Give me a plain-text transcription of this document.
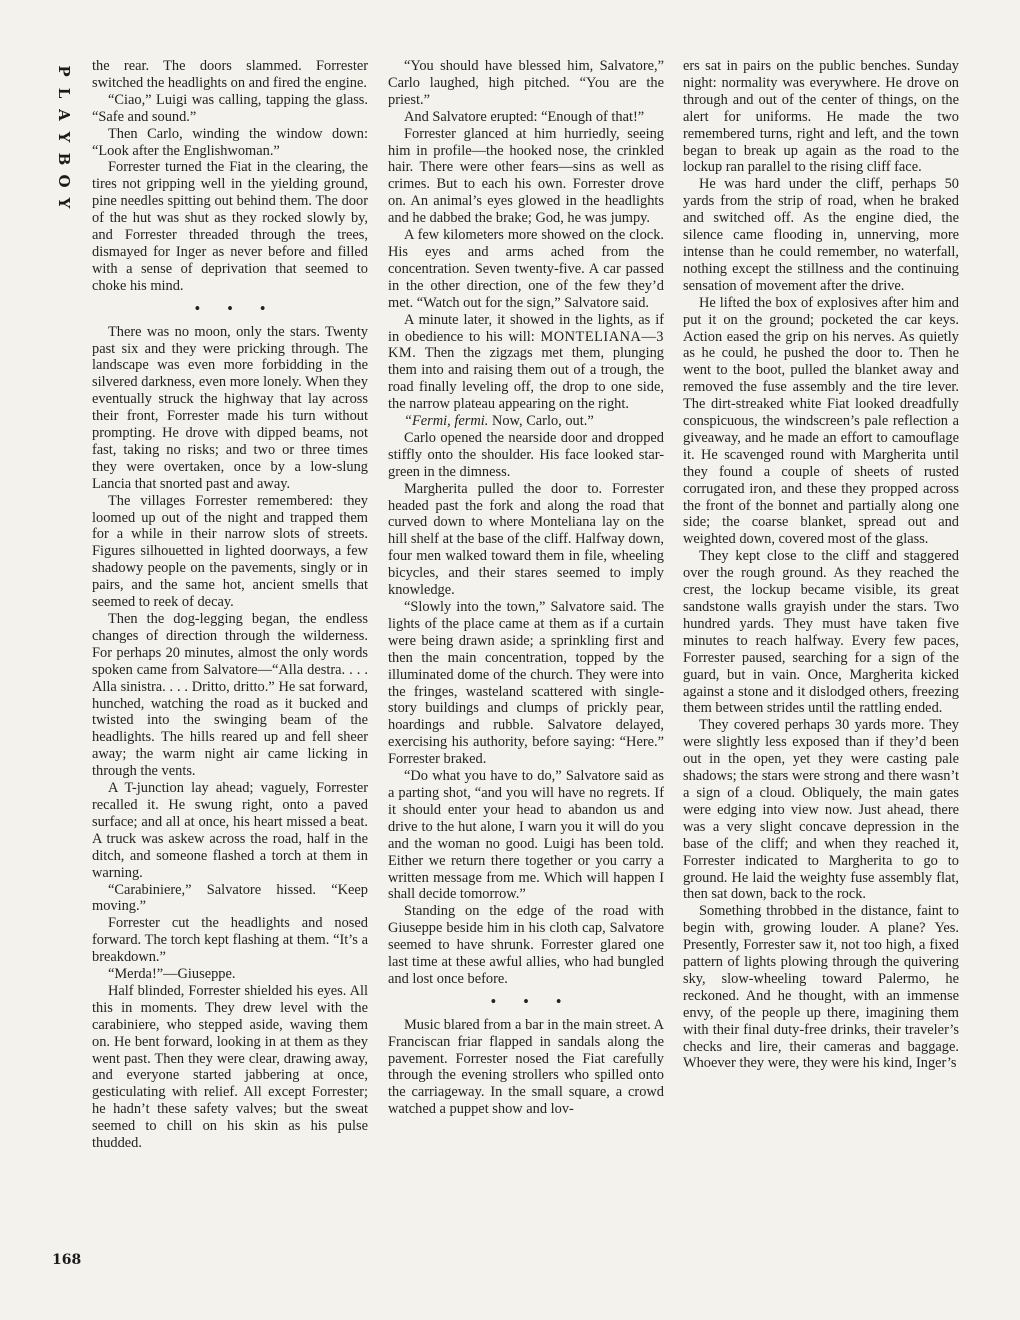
P
L
A
Y
B
O
Y
168

the rear. The doors slammed. Forrester switched the headlights on and fired the engine.

“Ciao,” Luigi was calling, tapping the glass. “Safe and sound.”

Then Carlo, winding the window down: “Look after the Englishwoman.”

Forrester turned the Fiat in the clearing, the tires not gripping well in the yielding ground, pine needles spitting out behind them. The door of the hut was shut as they rocked slowly by, and Forrester threaded through the trees, dismayed for Inger as never before and filled with a sense of deprivation that seemed to choke his mind.

• • •

There was no moon, only the stars. Twenty past six and they were pricking through. The landscape was even more forbidding in the silvered darkness, even more lonely. When they eventually struck the highway that lay across their front, Forrester made his turn without prompting. He drove with dipped beams, not fast, taking no risks; and two or three times they were overtaken, once by a low-slung Lancia that snorted past and away.

The villages Forrester remembered: they loomed up out of the night and trapped them for a while in their narrow slots of streets. Figures silhouetted in lighted doorways, a few shadowy people on the pavements, singly or in pairs, and the same hot, ancient smells that seemed to reek of decay.

Then the dog-legging began, the endless changes of direction through the wilderness. For perhaps 20 minutes, almost the only words spoken came from Salvatore—“Alla destra. . . . Alla sinistra. . . . Dritto, dritto.” He sat forward, hunched, watching the road as it bucked and twisted into the swinging beam of the headlights. The hills reared up and fell sheer away; the warm night air came licking in through the vents.

A T-junction lay ahead; vaguely, Forrester recalled it. He swung right, onto a paved surface; and all at once, his heart missed a beat. A truck was askew across the road, half in the ditch, and someone flashed a torch at them in warning.

“Carabiniere,” Salvatore hissed. “Keep moving.”

Forrester cut the headlights and nosed forward. The torch kept flashing at them. “It’s a breakdown.”

“Merda!”—Giuseppe.

Half blinded, Forrester shielded his eyes. All this in moments. They drew level with the carabiniere, who stepped aside, waving them on. He bent forward, looking in at them as they went past. Then they were clear, drawing away, and everyone started jabbering at once, gesticulating with relief. All except Forrester; he hadn’t these safety valves; but the sweat seemed to chill on his skin as his pulse thudded.

“You should have blessed him, Salvatore,” Carlo laughed, high pitched. “You are the priest.”

And Salvatore erupted: “Enough of that!”

Forrester glanced at him hurriedly, seeing him in profile—the hooked nose, the crinkled hair. There were other fears—sins as well as crimes. But to each his own. Forrester drove on. An animal’s eyes glowed in the headlights and he dabbed the brake; God, he was jumpy.

A few kilometers more showed on the clock. His eyes and arms ached from the concentration. Seven twenty-five. A car passed in the other direction, one of the few they’d met. “Watch out for the sign,” Salvatore said.

A minute later, it showed in the lights, as if in obedience to his will: MONTELIANA—3 KM. Then the zigzags met them, plunging them into and raising them out of a trough, the road finally leveling off, the drop to one side, the narrow plateau appearing on the right.

“Fermi, fermi. Now, Carlo, out.”

Carlo opened the nearside door and dropped stiffly onto the shoulder. His face looked star-green in the dimness.

Margherita pulled the door to. Forrester headed past the fork and along the road that curved down to where Monteliana lay on the hill shelf at the base of the cliff. Halfway down, four men walked toward them in file, wheeling bicycles, and their stares seemed to imply knowledge.

“Slowly into the town,” Salvatore said. The lights of the place came at them as if a curtain were being drawn aside; a sprinkling first and then the main concentration, topped by the illuminated dome of the church. They were into the fringes, wasteland scattered with single-story buildings and clumps of prickly pear, hoardings and rubble. Salvatore delayed, exercising his authority, before saying: “Here.” Forrester braked.

“Do what you have to do,” Salvatore said as a parting shot, “and you will have no regrets. If it should enter your head to abandon us and drive to the hut alone, I warn you it will do you and the woman no good. Luigi has been told. Either we return there together or you carry a written message from me. Which will happen I shall decide tomorrow.”

Standing on the edge of the road with Giuseppe beside him in his cloth cap, Salvatore seemed to have shrunk. Forrester glared one last time at these awful allies, who had bungled and lost once before.

• • •

Music blared from a bar in the main street. A Franciscan friar flapped in sandals along the pavement. Forrester nosed the Fiat carefully through the evening strollers who spilled onto the carriageway. In the small square, a crowd watched a puppet show and lov-

ers sat in pairs on the public benches. Sunday night: normality was everywhere. He drove on through and out of the center of things, on the alert for uniforms. He made the two remembered turns, right and left, and the town began to break up again as the road to the lockup ran parallel to the rising cliff face.

He was hard under the cliff, perhaps 50 yards from the strip of road, when he braked and switched off. As the engine died, the silence came flooding in, unnerving, more intense than he could remember, no waterfall, nothing except the stillness and the continuing sensation of movement after the drive.

He lifted the box of explosives after him and put it on the ground; pocketed the car keys. Action eased the grip on his nerves. As quietly as he could, he pushed the door to. Then he went to the boot, pulled the blanket away and removed the fuse assembly and the tire lever. The dirt-streaked white Fiat looked dreadfully conspicuous, the windscreen’s pale reflection a giveaway, and he made an effort to camouflage it. He scavenged round with Margherita until they found a couple of sheets of rusted corrugated iron, and these they propped across the front of the bonnet and partially along one side; the coarse blanket, spread out and weighted down, covered most of the glass.

They kept close to the cliff and staggered over the rough ground. As they reached the crest, the lockup became visible, its great sandstone walls grayish under the stars. Two hundred yards. They must have taken five minutes to reach halfway. Every few paces, Forrester paused, searching for a sign of the guard, but in vain. Once, Margherita kicked against a stone and it dislodged others, freezing them between strides until the rattling ended.

They covered perhaps 30 yards more. They were slightly less exposed than if they’d been out in the open, yet they were casting pale shadows; the stars were strong and there wasn’t a sign of a cloud. Obliquely, the main gates were edging into view now. Just ahead, there was a very slight concave depression in the base of the cliff; and when they reached it, Forrester indicated to Margherita to go to ground. He laid the weighty fuse assembly flat, then sat down, back to the rock.

Something throbbed in the distance, faint to begin with, growing louder. A plane? Yes. Presently, Forrester saw it, not too high, a fixed pattern of lights plowing through the quivering sky, slow-wheeling toward Palermo, he reckoned. And he thought, with an immense envy, of the people up there, imagining them with their final duty-free drinks, their traveler’s checks and lire, their cameras and baggage. Whoever they were, they were his kind, Inger’s
